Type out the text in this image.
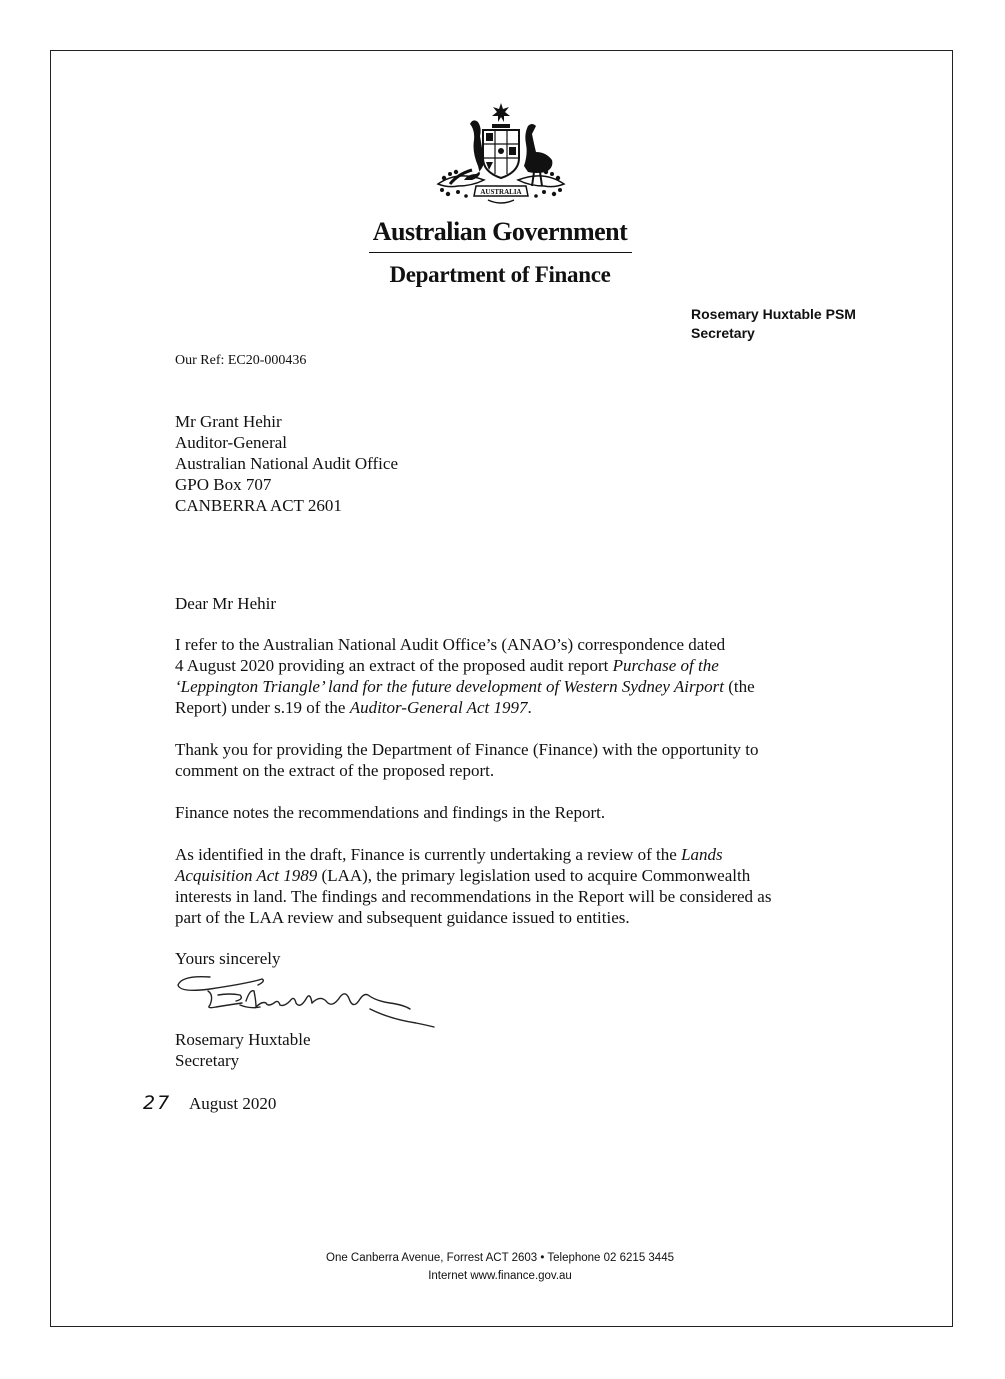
AUSTRALIA
Australian Government
Department of Finance
Rosemary Huxtable PSM
Secretary
Our Ref: EC20-000436
Mr Grant Hehir
Auditor-General
Australian National Audit Office
GPO Box 707
CANBERRA ACT 2601
Dear Mr Hehir
I refer to the Australian National Audit Office’s (ANAO’s) correspondence dated
4 August 2020 providing an extract of the proposed audit report Purchase of the
‘Leppington Triangle’ land for the future development of Western Sydney Airport (the
Report) under s.19 of the Auditor-General Act 1997.
Thank you for providing the Department of Finance (Finance) with the opportunity to
comment on the extract of the proposed report.
Finance notes the recommendations and findings in the Report.
As identified in the draft, Finance is currently undertaking a review of the Lands
Acquisition Act 1989 (LAA), the primary legislation used to acquire Commonwealth
interests in land. The findings and recommendations in the Report will be considered as
part of the LAA review and subsequent guidance issued to entities.
Yours sincerely
Rosemary Huxtable
Secretary
27 August 2020
One Canberra Avenue, Forrest ACT 2603 • Telephone 02 6215 3445
Internet www.finance.gov.au
